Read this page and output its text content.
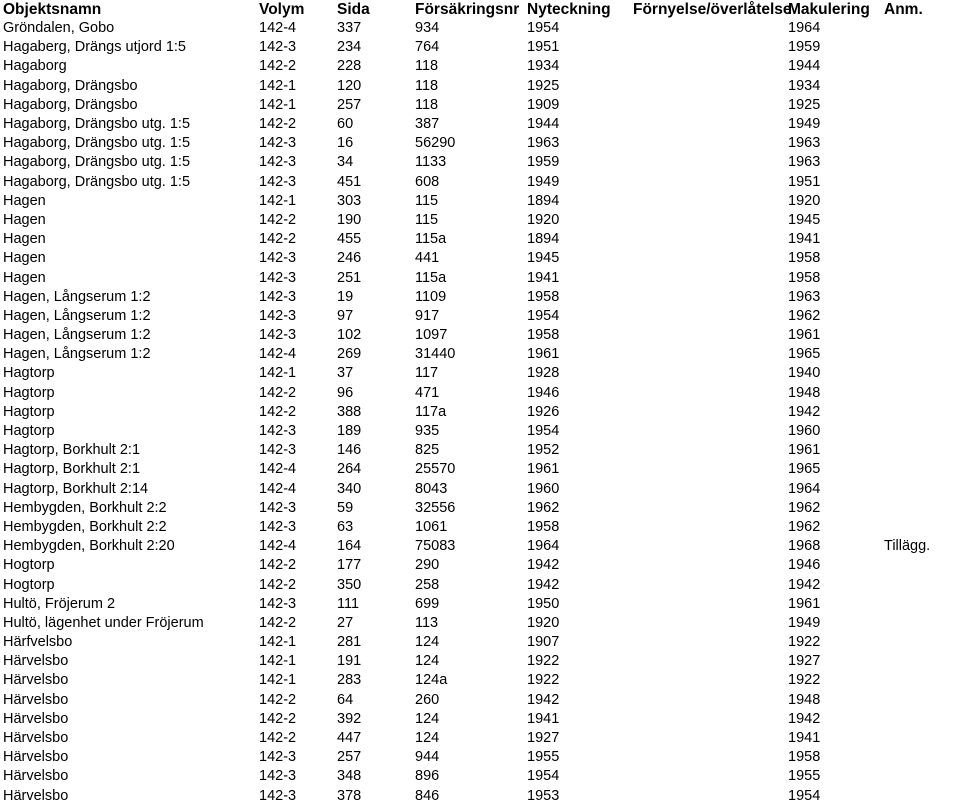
Objektsnamn	Volym	Sida	Försäkringsnr	Nyteckning	Förnyelse/överlåtelse	Makulering	Anm.
Gröndalen, Gobo	142-4	337	934	1954		1964	
Hagaberg, Drängs utjord 1:5	142-3	234	764	1951		1959	
Hagaborg	142-2	228	118	1934		1944	
Hagaborg, Drängsbo	142-1	120	118	1925		1934	
Hagaborg, Drängsbo	142-1	257	118	1909		1925	
Hagaborg, Drängsbo utg. 1:5	142-2	60	387	1944		1949	
Hagaborg, Drängsbo utg. 1:5	142-3	16	56290	1963		1963	
Hagaborg, Drängsbo utg. 1:5	142-3	34	1133	1959		1963	
Hagaborg, Drängsbo utg. 1:5	142-3	451	608	1949		1951	
Hagen	142-1	303	115	1894		1920	
Hagen	142-2	190	115	1920		1945	
Hagen	142-2	455	115a	1894		1941	
Hagen	142-3	246	441	1945		1958	
Hagen	142-3	251	115a	1941		1958	
Hagen, Långserum 1:2	142-3	19	1109	1958		1963	
Hagen, Långserum 1:2	142-3	97	917	1954		1962	
Hagen, Långserum 1:2	142-3	102	1097	1958		1961	
Hagen, Långserum 1:2	142-4	269	31440	1961		1965	
Hagtorp	142-1	37	117	1928		1940	
Hagtorp	142-2	96	471	1946		1948	
Hagtorp	142-2	388	117a	1926		1942	
Hagtorp	142-3	189	935	1954		1960	
Hagtorp, Borkhult 2:1	142-3	146	825	1952		1961	
Hagtorp, Borkhult 2:1	142-4	264	25570	1961		1965	
Hagtorp, Borkhult 2:14	142-4	340	8043	1960		1964	
Hembygden, Borkhult 2:2	142-3	59	32556	1962		1962	
Hembygden, Borkhult 2:2	142-3	63	1061	1958		1962	
Hembygden, Borkhult 2:20	142-4	164	75083	1964		1968	Tillägg.
Hogtorp	142-2	177	290	1942		1946	
Hogtorp	142-2	350	258	1942		1942	
Hultö, Fröjerum 2	142-3	111	699	1950		1961	
Hultö, lägenhet under Fröjerum	142-2	27	113	1920		1949	
Härfvelsbo	142-1	281	124	1907		1922	
Härvelsbo	142-1	191	124	1922		1927	
Härvelsbo	142-1	283	124a	1922		1922	
Härvelsbo	142-2	64	260	1942		1948	
Härvelsbo	142-2	392	124	1941		1942	
Härvelsbo	142-2	447	124	1927		1941	
Härvelsbo	142-3	257	944	1955		1958	
Härvelsbo	142-3	348	896	1954		1955	
Härvelsbo	142-3	378	846	1953		1954	
